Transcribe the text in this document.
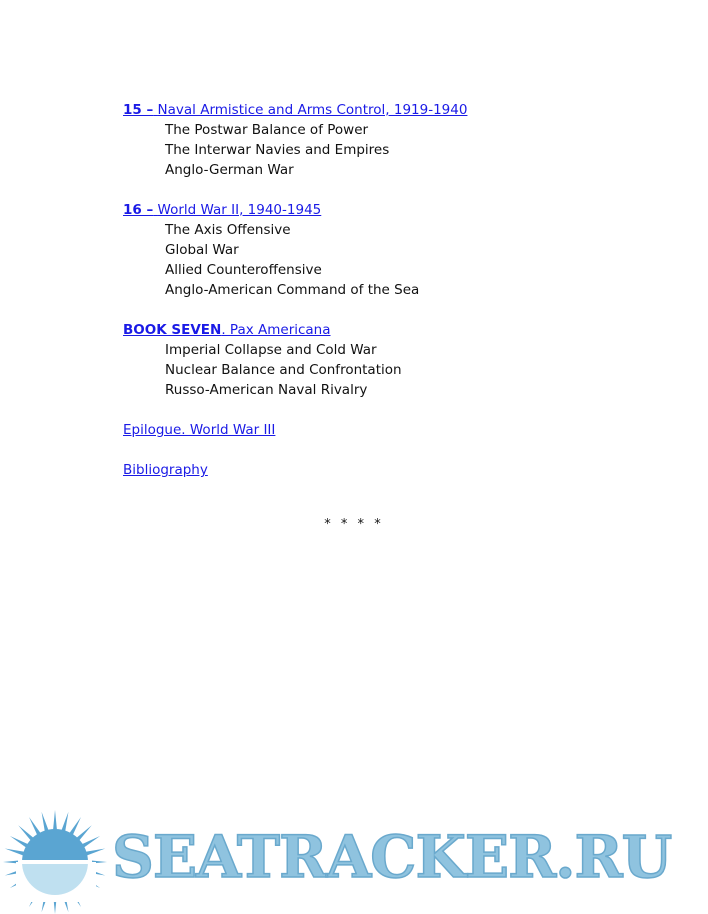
15 – Naval Armistice and Arms Control, 1919-1940
The Postwar Balance of Power
The Interwar Navies and Empires
Anglo-German War
16 – World War II, 1940-1945
The Axis Offensive
Global War
Allied Counteroffensive
Anglo-American Command of the Sea
BOOK SEVEN. Pax Americana
Imperial Collapse and Cold War
Nuclear Balance and Confrontation
Russo-American Naval Rivalry
Epilogue. World War III
Bibliography
* * * *
SEATRACKER.RU
